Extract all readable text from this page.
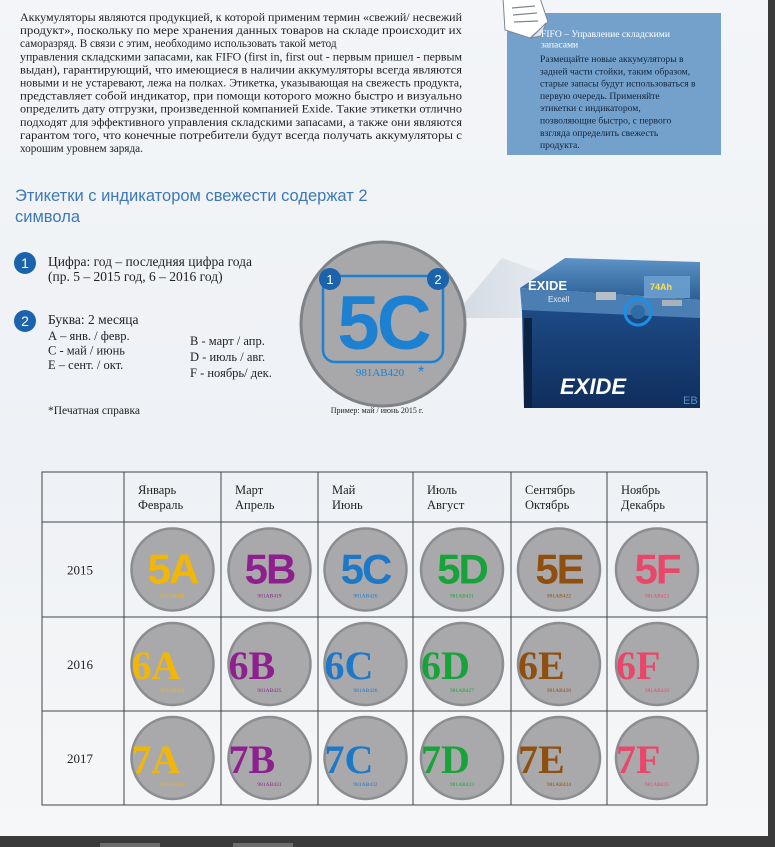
Аккумуляторы являются продукцией, к которой применим термин «свежий/ несвежий
продукт», поскольку по мере хранения данных товаров на складе происходит их
саморазряд. В связи с этим, необходимо использовать такой метод
управления складскими запасами, как FIFO (first in, first out - первым пришел - первым
выдан), гарантирующий, что имеющиеся в наличии аккумуляторы всегда являются
новыми и не устаревают, лежа на полках. Этикетка, указывающая на свежесть продукта,
представляет собой индикатор, при помощи которого можно быстро и визуально
определить дату отгрузки, произведенной компанией Exide. Такие этикетки отлично
подходят для эффективного управления складскими запасами, а также они являются
гарантом того, что конечные потребители будут всегда получать аккумуляторы с
хорошим уровнем заряда.
FIFO – Управление складскими
запасами
Размещайте новые аккумуляторы в
задней части стойки, таким образом,
старые запасы будут использоваться в
первую очередь. Применяйте
этикетки с индикатором,
позволяющие быстро, с первого
взгляда определить свежесть
продукта.
Этикетки с индикатором свежести содержат 2
символа
1 Цифра: год – последняя цифра года
(пр. 5 – 2015 год, 6 – 2016 год)
2 Буква: 2 месяца
А – янв. / февр.
С - май / июнь
Е – сент. / окт.
В - март / апр.
D - июль / авг.
F - ноябрь/ дек.
*Печатная справка
EXIDE
Excell
74Ah
EXIDE
EB
5C
1	2
981AB420 *
Пример: май / июнь 2015 г.
Январь
Февраль
Март
Апрель
Май
Июнь
Июль
Август
Сентябрь
Октябрь
Ноябрь
Декабрь
2015 5A
981AB418
5B
981AB419
5C
981AB420
5D
981AB421
5E
981AB422
5F
981AB423
2016 6A
981AB424
6B
981AB425
6C
981AB426
6D
981AB427
6E
981AB428
6F
981AB429
2017 7A
981AB430
7B
981AB431
7C
981AB432
7D
981AB433
7E
981AB434
7F
981AB435
